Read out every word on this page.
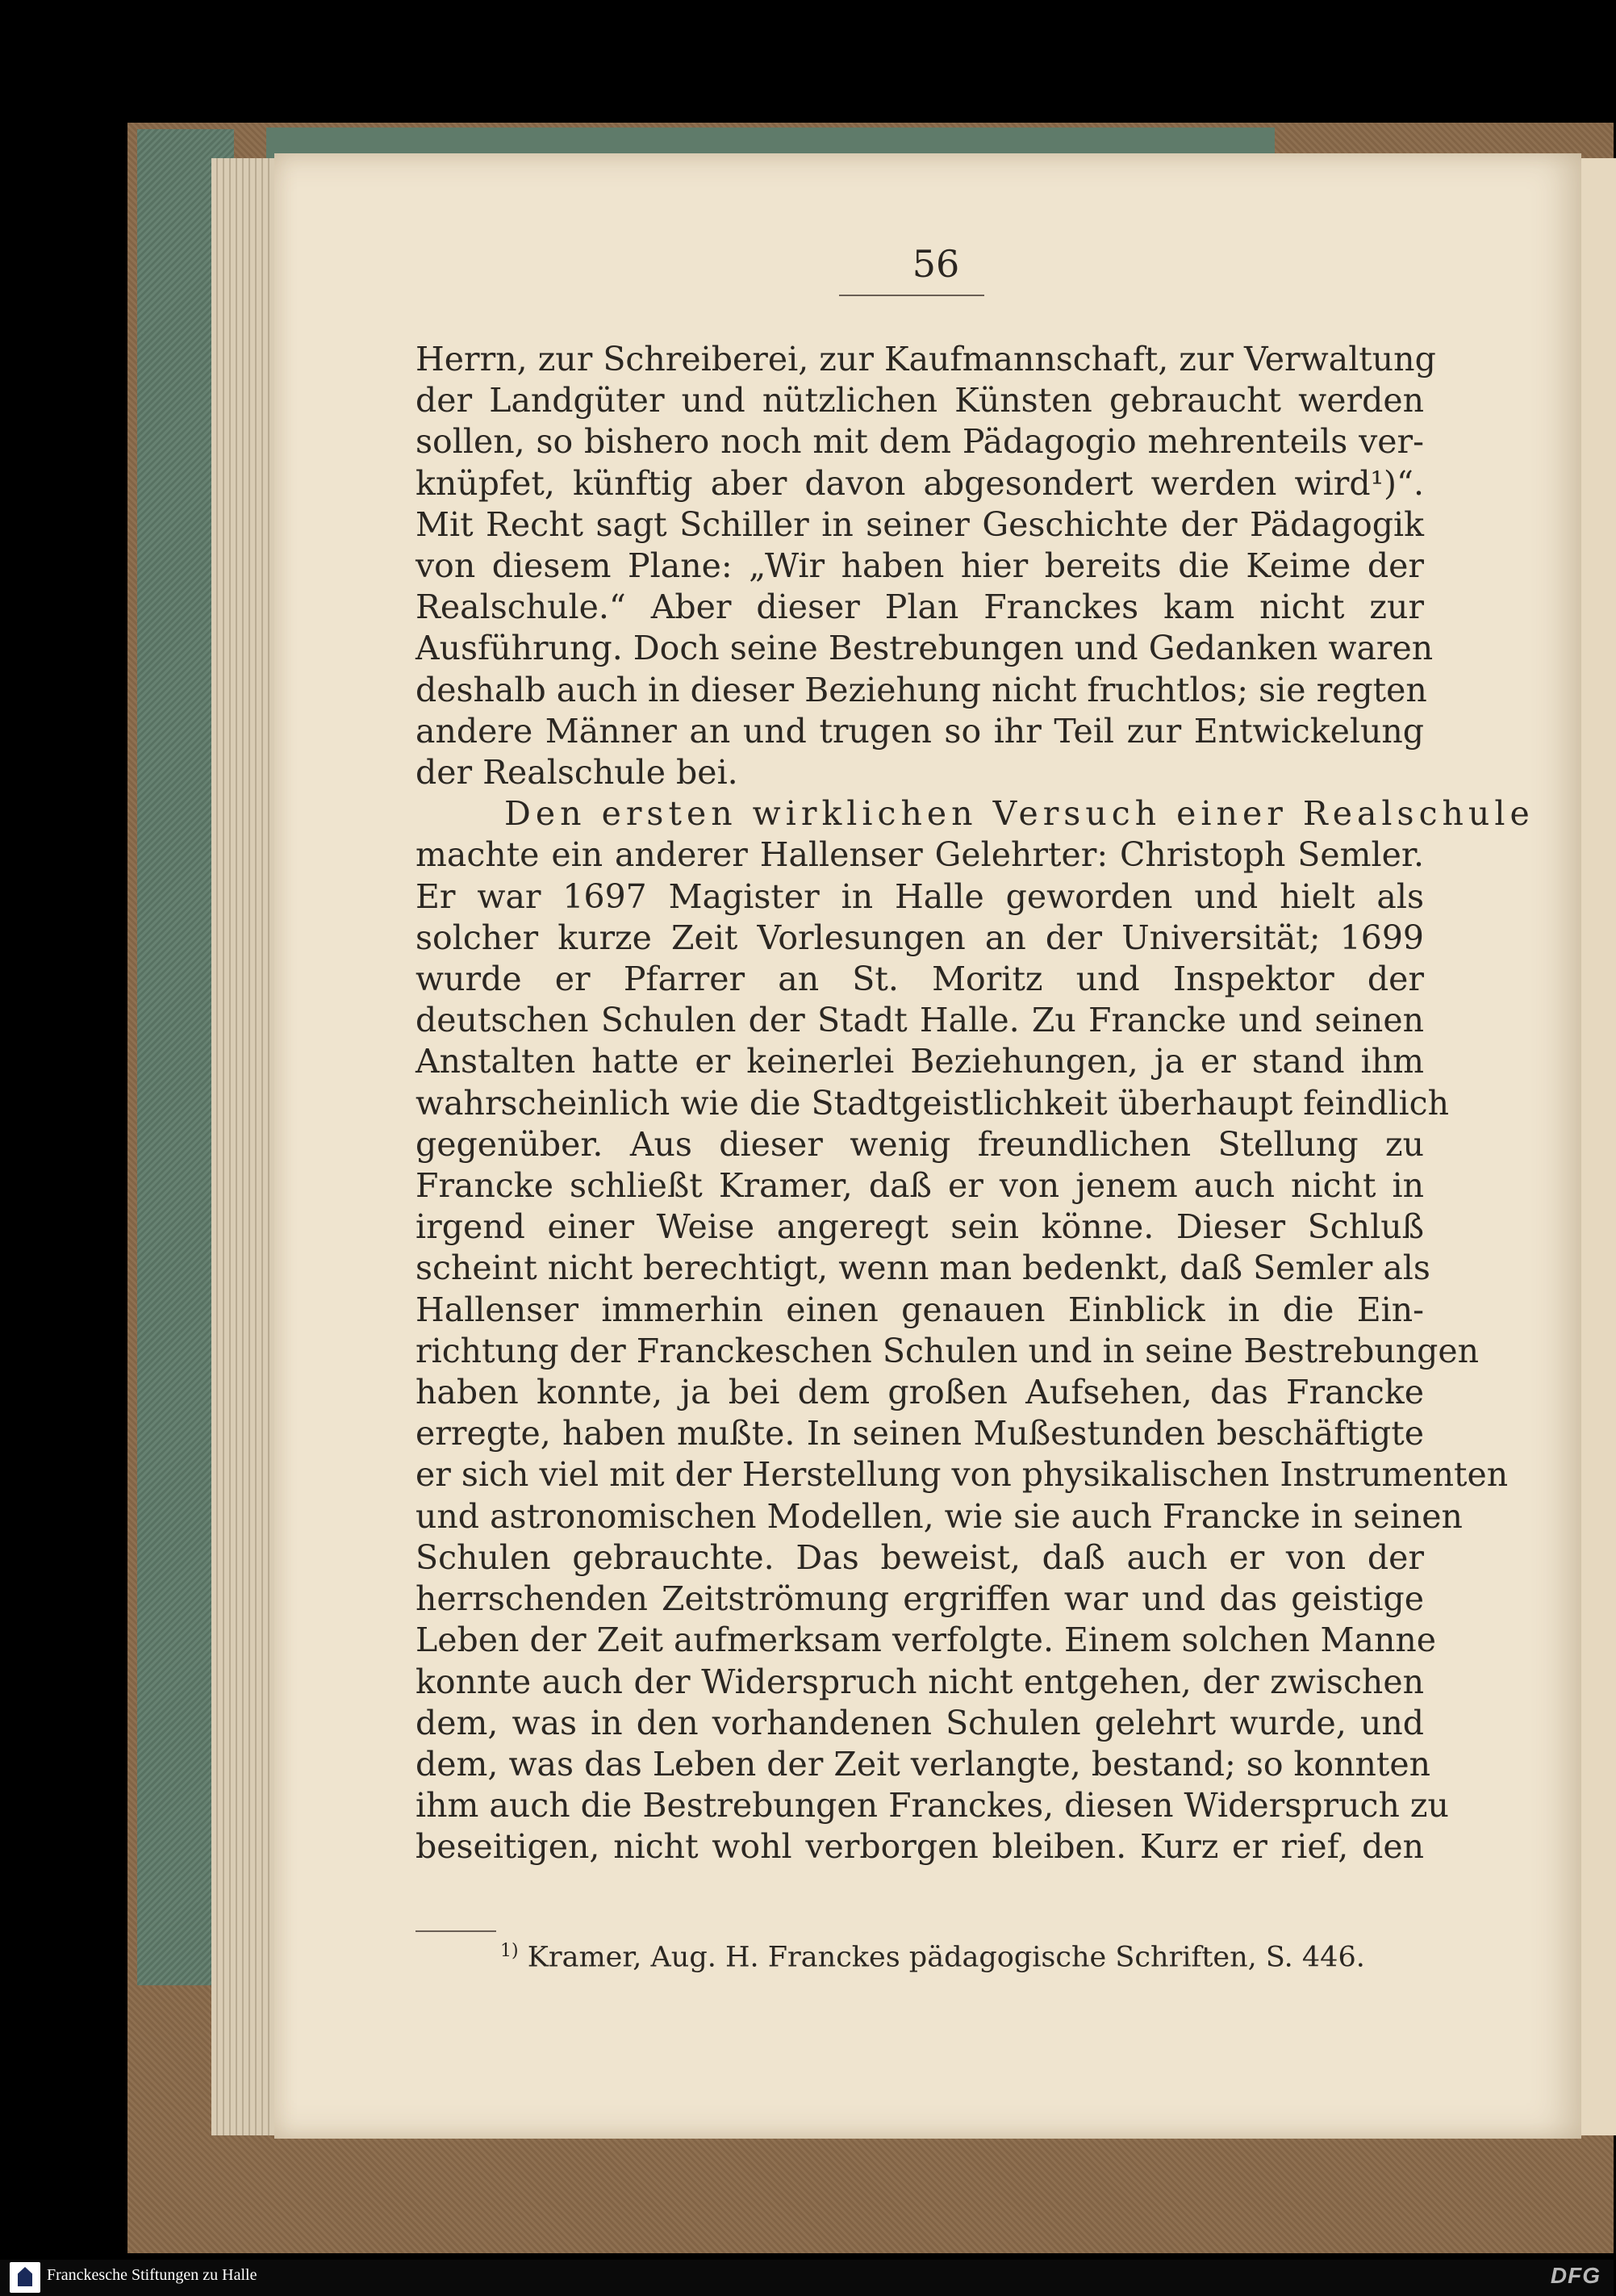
56
Herrn, zur Schreiberei, zur Kaufmannschaft, zur Verwaltung
der Landgüter und nützlichen Künsten gebraucht werden
sollen, so bishero noch mit dem Pädagogio mehrenteils ver-
knüpfet, künftig aber davon abgesondert werden wird¹)“.
Mit Recht sagt Schiller in seiner Geschichte der Pädagogik
von diesem Plane: „Wir haben hier bereits die Keime der
Realschule.“ Aber dieser Plan Franckes kam nicht zur
Ausführung. Doch seine Bestrebungen und Gedanken waren
deshalb auch in dieser Beziehung nicht fruchtlos; sie regten
andere Männer an und trugen so ihr Teil zur Entwickelung
der Realschule bei.
Den ersten wirklichen Versuch einer Realschule
machte ein anderer Hallenser Gelehrter: Christoph Semler.
Er war 1697 Magister in Halle geworden und hielt als
solcher kurze Zeit Vorlesungen an der Universität; 1699
wurde er Pfarrer an St. Moritz und Inspektor der
deutschen Schulen der Stadt Halle. Zu Francke und seinen
Anstalten hatte er keinerlei Beziehungen, ja er stand ihm
wahrscheinlich wie die Stadtgeistlichkeit überhaupt feindlich
gegenüber. Aus dieser wenig freundlichen Stellung zu
Francke schließt Kramer, daß er von jenem auch nicht in
irgend einer Weise angeregt sein könne. Dieser Schluß
scheint nicht berechtigt, wenn man bedenkt, daß Semler als
Hallenser immerhin einen genauen Einblick in die Ein-
richtung der Franckeschen Schulen und in seine Bestrebungen
haben konnte, ja bei dem großen Aufsehen, das Francke
erregte, haben mußte. In seinen Mußestunden beschäftigte
er sich viel mit der Herstellung von physikalischen Instrumenten
und astronomischen Modellen, wie sie auch Francke in seinen
Schulen gebrauchte. Das beweist, daß auch er von der
herrschenden Zeitströmung ergriffen war und das geistige
Leben der Zeit aufmerksam verfolgte. Einem solchen Manne
konnte auch der Widerspruch nicht entgehen, der zwischen
dem, was in den vorhandenen Schulen gelehrt wurde, und
dem, was das Leben der Zeit verlangte, bestand; so konnten
ihm auch die Bestrebungen Franckes, diesen Widerspruch zu
beseitigen, nicht wohl verborgen bleiben. Kurz er rief, den
$^{1)}$ Kramer, Aug. H. Franckes pädagogische Schriften, S. 446.
Franckesche Stiftungen zu Halle	DFG
